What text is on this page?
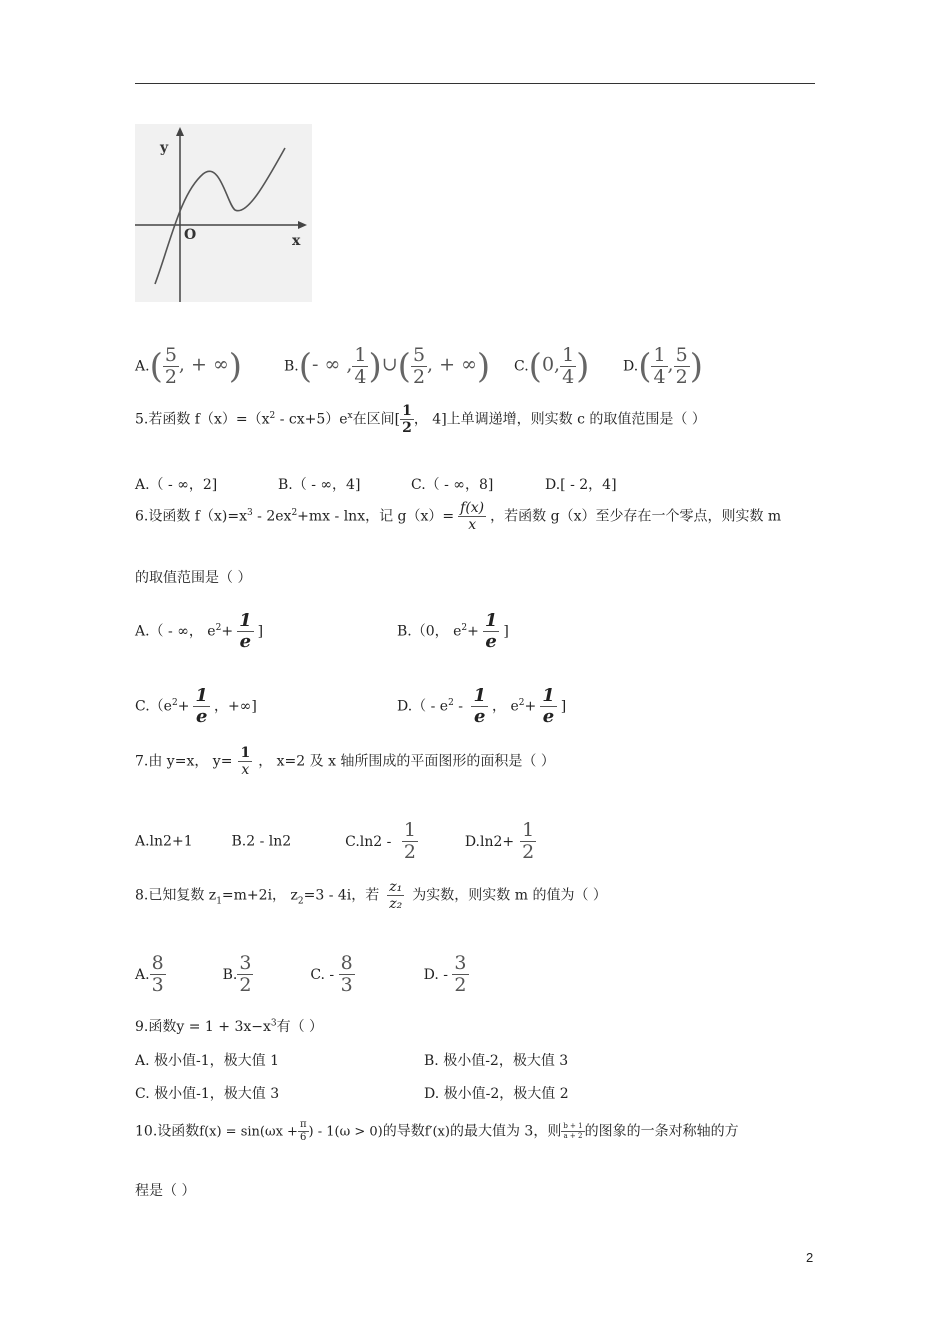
y
x
O
$A.( \frac{5}{2}$ , + ∞)	B.(- ∞ , $\frac{1}{4}$ )∪( $\frac{5}{2}$ , + ∞) C.(0, $\frac{1}{4}$ ) $D.( \frac{1}{4}$ , $\frac{5}{2}$ )
5.若函数 $f(x)=(x^2 - cx+5)e^x$在区间[ $\frac{1}{2}$ ， 4]上单调递增，则实数 c 的取值范围是（ ）
A.（ - ∞，2]	B.（ - ∞，4]	C.（ - ∞，8]	D.[ - 2，4]
6.设函数 $f(x)=x^3 - 2ex^2+mx - \ln x$，记 $g(x)= \frac{f(x)}{x}$ ，若函数 g（x）至少存在一个零点，则实数 m
的取值范围是（ ）
A.（ - ∞， $e^2+ \frac{1}{e}$ ]	B.（0， $e^2+ \frac{1}{e}$ ]
$C.(e^2+ \frac{1}{e}$ ，+∞]	$D.( - e^2 - \frac{1}{e}$ ， $e^2+ \frac{1}{e}$ ]
7.由 y=x， $y= \frac{1}{x}$ ， x=2 及 x 轴所围成的平面图形的面积是（ ）
A.ln2+1	B.2 - ln2	$C.\ln 2 - \frac{1}{2}$	$D.\ln 2+ \frac{1}{2}$
8.已知复数 $z_1=m+2i$， $z_2=3 - 4i$，若 $\frac{\text{z₁}}{\text{z₂}}$ 为实数，则实数 m 的值为（ ）
A. $\frac{8}{3}$	B. $\frac{3}{2}$	C. - $\frac{8}{3}$	D. - $\frac{3}{2}$
9.函数$y = 1 + 3x-x^3$有（ ）
A. 极小值-1，极大值 1	B. 极小值-2，极大值 3
C. 极小值-1，极大值 3	D. 极小值-2，极大值 2
10.设函数$f(x) = \sin(\omega x + \frac{\pi}{6}$ ) - 1(ω > 0)的导数f′(x)的最大值为 3，则 $\frac{b + 1}{a + 2}$ 的图象的一条对称轴的方
程是（ ）
2
